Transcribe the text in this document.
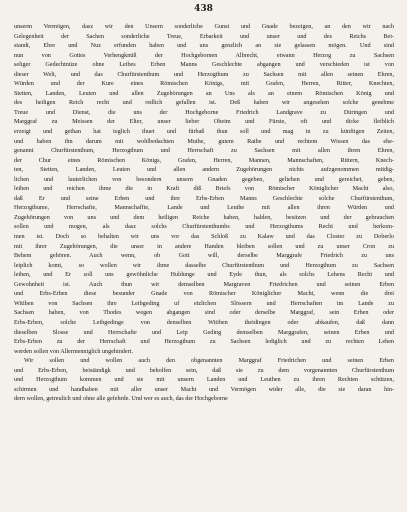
438

unserm Vermögen, dasz wir den Unsern sonderliche Gunst und Gnade bezeigen, an den wir nach
Gelegenheit der Sachen sonderliche Treue, Erbarkeit und unser und des Reichs Bei-
standt, Ehre und Nuz erfunden haben und uns genzlich an sie gelassen mögen. Und sind
nun von Gottes Verhengknüß der Hochgebornen Albrecht, etwann Herzog zu Sachsen
seliger Gedechtnüze ohne Leibes Erben Manns Geschlechte abgangen und verschieden ist von
dieser Welt, und das Churfürstenthum und Herzogthum zu Sachsen mit allen seinen Ehren,
Würden und der Kure eines Römischen Königs, mit Grafen, Herren, Ritter, Knechten,
Stetten, Landen, Leuten und allen Zugehörungen an Uns als an einem Römischen König und
des heiligen Reich recht und redlich gefallen ist. Deß haben wir angesehen solche genehme
Treue und Dienst, die uns der Hochgeborne Friedrich Landgrave zu Düringen und
Marggraf zu Meissen der Elter, unser lieber Oheim und Fürste, oft und dicke fleiblich
erzeigt und gethan hat teglich thuet und fürbaß thun soll und mag in zu künftigen Zeiten,
und haben ihn darum mit wohlbedachten Muthe, gutem Rathe und rechtem Wissen das ehe-
genannt Churfürstenthum, Herzogthum und Herrschaft zu Sachsen mit allen ihren Ehren,
der Chur eines Römischen Königs, Grafen, Herren, Mannen, Mannschaften, Rittern, Knech-
ten, Stetten, Landen, Leuten und allen andern Zugehörungen nichts aufzgenommen mitdig-
lichen und lauterlichen von besondern unsern Gnaden gegeben, geliehen und gereichet, geben,
leihen und reichen ihme die in Kraft diß Briefs von Römischer Königlicher Macht also,
daß Er und seine Erben und ihre Erbs-Erben Manns Geschlechte solche Churfürstenthum,
Herzogthume, Herrschafte, Mannschaffte, Lande und Leuthe mit allen ihren Würden und
Zugehörungen von uns und dem heiligen Reiche haben, halden, besitzen und der gebrauchen
sollen und mogen, als dasz solchs Churfürstenthumbs und Herzogthums Recht und herkom-
men ist. Doch so behalten wir uns vor das Schloß zu Kalaw und das Closter zu Doberlo
mit ihrer Zugehörungen, die unser in andere Handen bleiben sollen und zu unser Cron zu
Behem gehören. Auch wenn, ob Gott will, derselbe Marggrafe Friedrich zu uns
leiplich komt, so wollen wir ihme dasselbe Churfürstenthum und Herzogthum zu Sachsen
leihen, und Er soll uns gewöhnliche Huldunge und Eyde thun, als solchs Lehens Recht und
Gewohnheit ist. Auch thun wir demselben Margraven Friedrichen und seinen Erben
und Erbs-Erben diese besunder Gnade von Römischer Königlicher Macht, wenn die drei
Witiben von Sachsen ihre Leibgeding uf etzlichen Slössern und Herrschaften im Lande zu
Sachsen haben, von Thodes wegen abgangen sind oder derselbe Marggraf, sein Erben oder
Erbs-Erben, solche Leibgedinge von denselben Witiben theidingen oder abkaufen, daß dann
dieselben Slosse und Herrschafte und Leip Geding demselben Marggrafen, seinen Erben und
Erbs-Erben zu der Herrschaft und Herzogthum zu Sachsen lediglich und zu rechten Lehen
werden sollen von Allermenniglich ungehindert.

Wir sollen und wollen auch den obgenannten Marggraf Friedrichen und seinen Erben
und Erbs-Erben, beiständigk und beholfen sein, daß sie zu dem vorgenannten Churfürstenthum
und Herzogthum kommen und sie mit unsern Landen und Leuthen zu ihren Rechten schützen,
schirmen und handhaben mit aller unser Macht und Vermögen wider alle, die sie daran hin-
dern wollen, getreulich und ohne alle gefehrde. Und wer es auch, das der Hochgeborne
